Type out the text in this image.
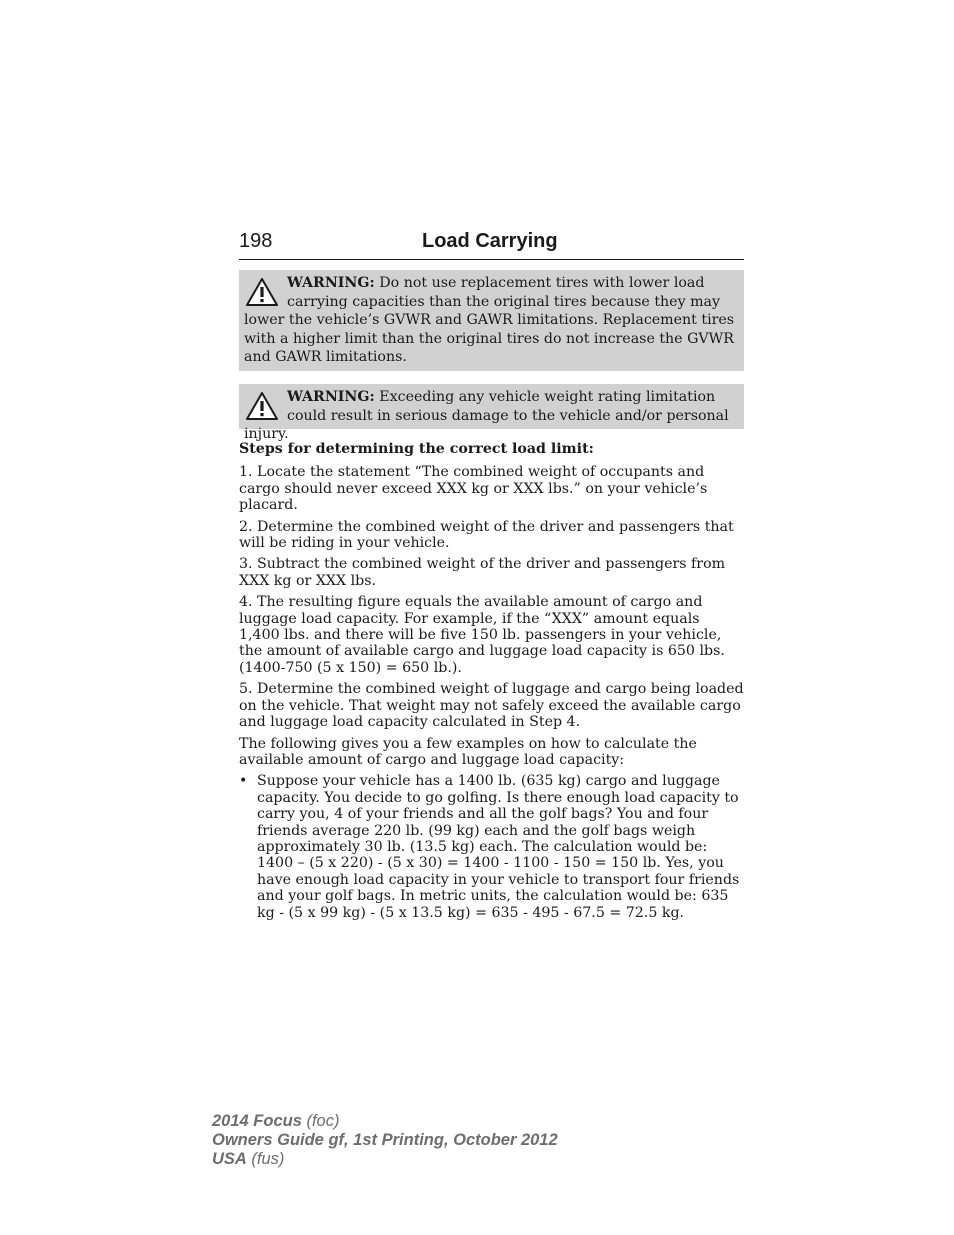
198	Load Carrying
WARNING: Do not use replacement tires with lower load carrying capacities than the original tires because they may lower the vehicle’s GVWR and GAWR limitations. Replacement tires with a higher limit than the original tires do not increase the GVWR and GAWR limitations.
WARNING: Exceeding any vehicle weight rating limitation could result in serious damage to the vehicle and/or personal injury.

Steps for determining the correct load limit:

1. Locate the statement “The combined weight of occupants and cargo should never exceed XXX kg or XXX lbs.” on your vehicle’s placard.

2. Determine the combined weight of the driver and passengers that will be riding in your vehicle.

3. Subtract the combined weight of the driver and passengers from XXX kg or XXX lbs.

4. The resulting figure equals the available amount of cargo and luggage load capacity. For example, if the “XXX” amount equals 1,400 lbs. and there will be five 150 lb. passengers in your vehicle, the amount of available cargo and luggage load capacity is 650 lbs. (1400-750 (5 x 150) = 650 lb.).

5. Determine the combined weight of luggage and cargo being loaded on the vehicle. That weight may not safely exceed the available cargo and luggage load capacity calculated in Step 4.

The following gives you a few examples on how to calculate the available amount of cargo and luggage load capacity:

• Suppose your vehicle has a 1400 lb. (635 kg) cargo and luggage capacity. You decide to go golfing. Is there enough load capacity to carry you, 4 of your friends and all the golf bags? You and four friends average 220 lb. (99 kg) each and the golf bags weigh approximately 30 lb. (13.5 kg) each. The calculation would be: 1400 – (5 x 220) - (5 x 30) = 1400 - 1100 - 150 = 150 lb. Yes, you have enough load capacity in your vehicle to transport four friends and your golf bags. In metric units, the calculation would be: 635 kg - (5 x 99 kg) - (5 x 13.5 kg) = 635 - 495 - 67.5 = 72.5 kg.
2014 Focus (foc)
Owners Guide gf, 1st Printing, October 2012
USA (fus)
